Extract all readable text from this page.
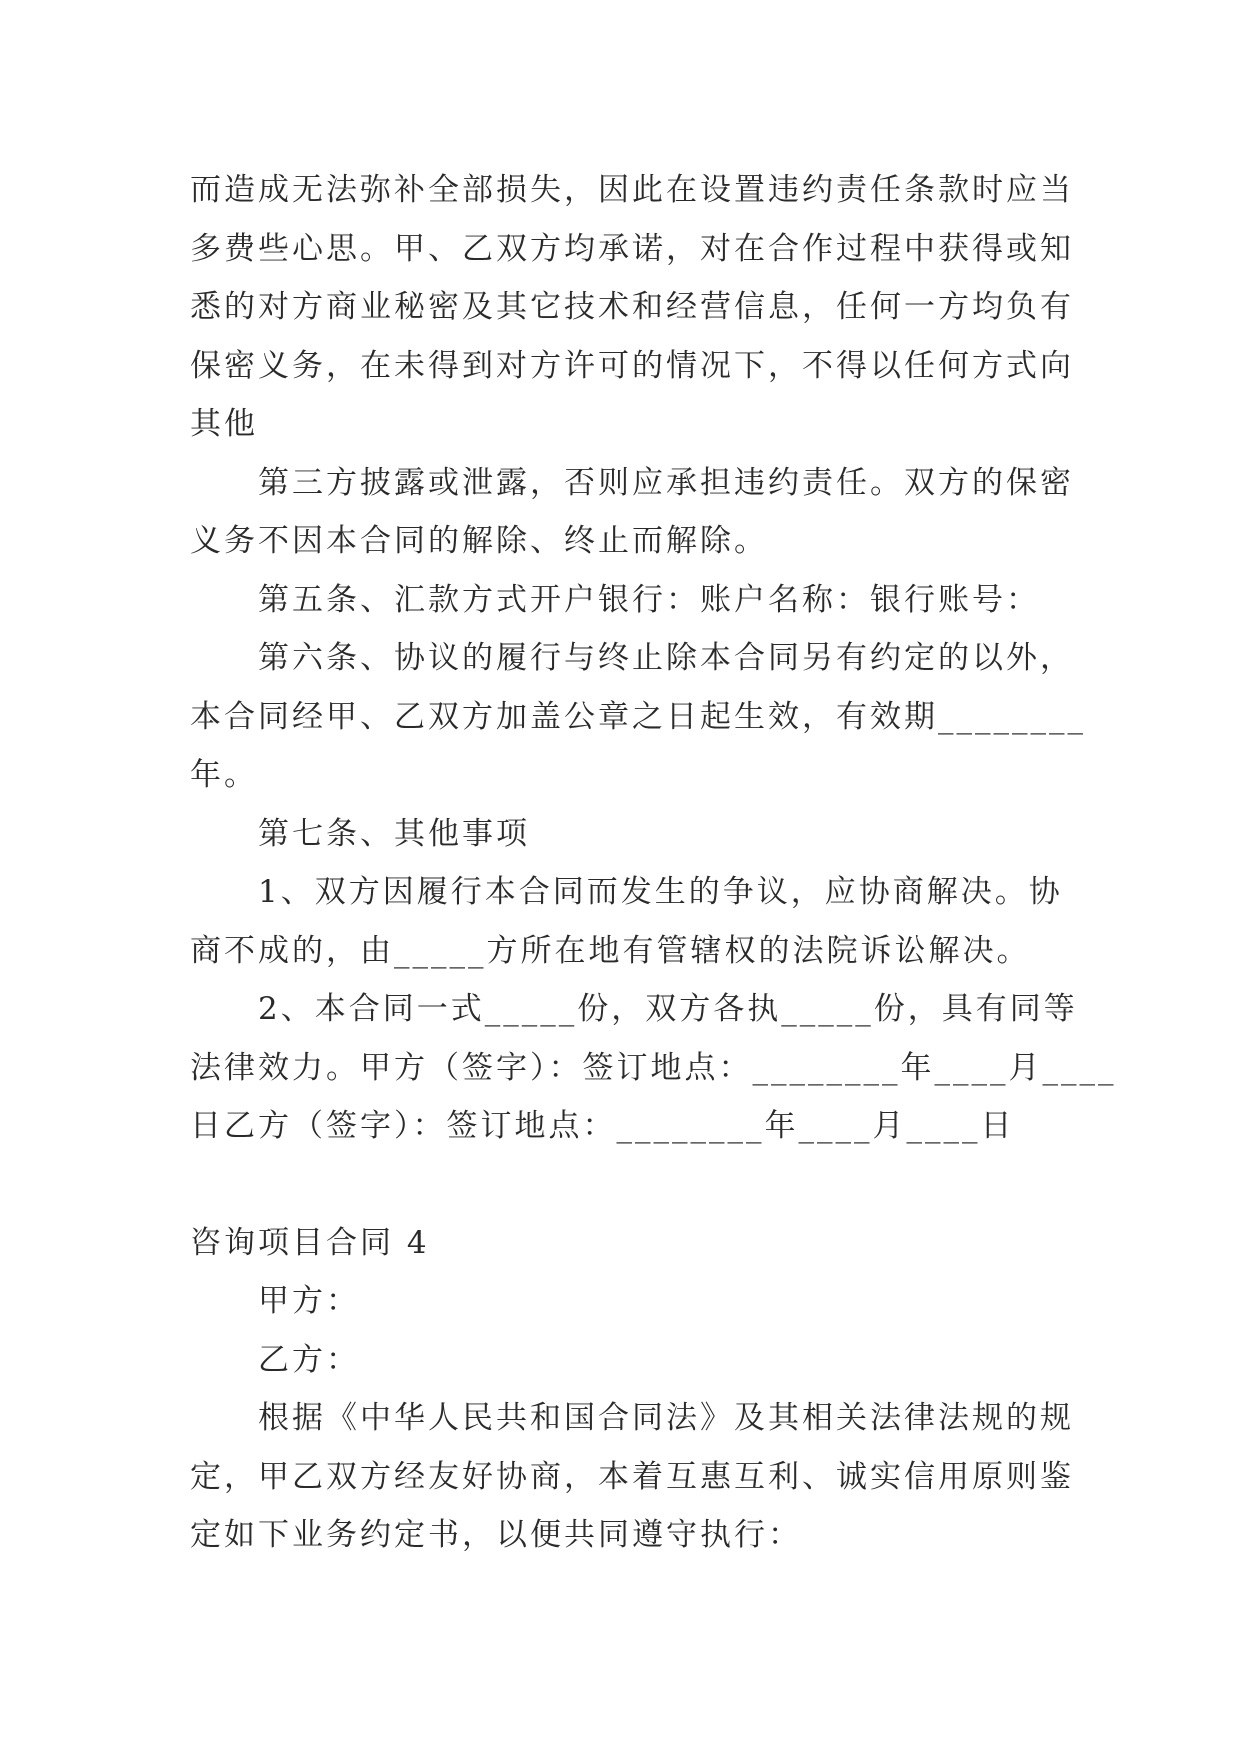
而造成无法弥补全部损失，因此在设置违约责任条款时应当

多费些心思。甲、乙双方均承诺，对在合作过程中获得或知

悉的对方商业秘密及其它技术和经营信息，任何一方均负有

保密义务，在未得到对方许可的情况下，不得以任何方式向

其他

第三方披露或泄露，否则应承担违约责任。双方的保密

义务不因本合同的解除、终止而解除。

第五条、汇款方式开户银行：账户名称：银行账号：

第六条、协议的履行与终止除本合同另有约定的以外，

本合同经甲、乙双方加盖公章之日起生效，有效期________

年。

第七条、其他事项

1、双方因履行本合同而发生的争议，应协商解决。协

商不成的，由_____方所在地有管辖权的法院诉讼解决。

2、本合同一式_____份，双方各执_____份，具有同等

法律效力。甲方（签字）：签订地点：________年____月____

日乙方（签字）：签订地点：________年____月____日

咨询项目合同 4

甲方：

乙方：

根据《中华人民共和国合同法》及其相关法律法规的规

定，甲乙双方经友好协商，本着互惠互利、诚实信用原则鉴

定如下业务约定书，以便共同遵守执行：
